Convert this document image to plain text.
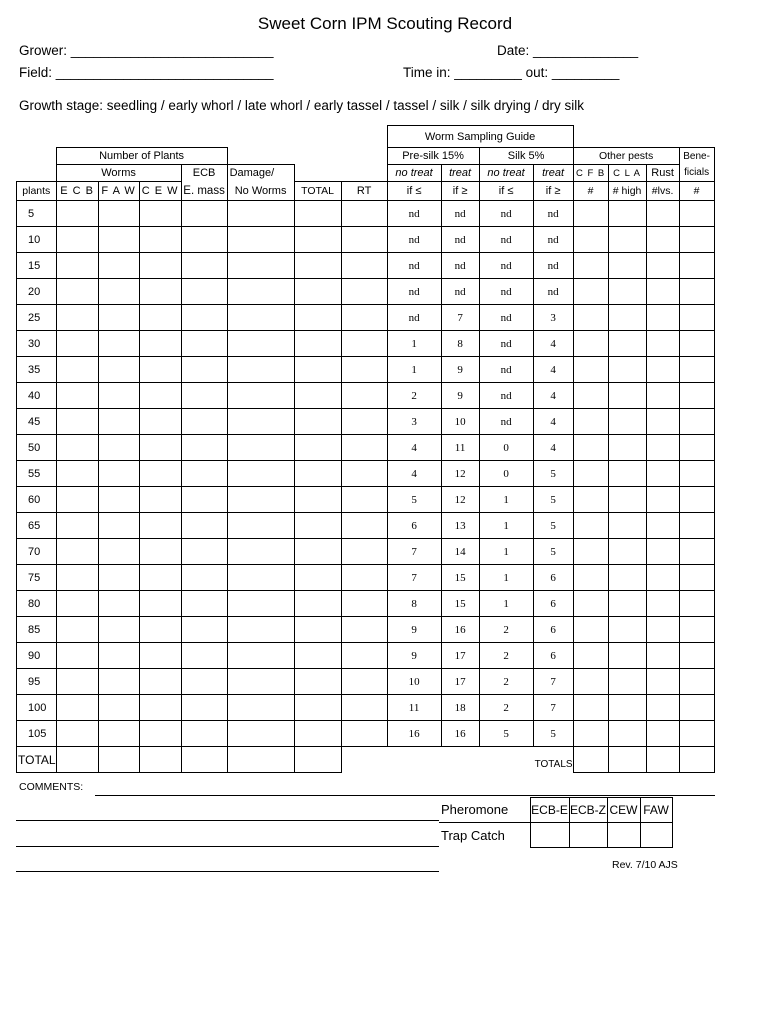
Sweet Corn IPM Scouting Record
Grower: ___________________________	Date: ______________
Field: _____________________________	Time in: _________ out: _________
Growth stage: seedling / early whorl / late whorl / early tassel / tassel / silk / silk drying / dry silk
								Worm Sampling Guide							
	Number of Plants							Pre-silk 15%		Silk 5%		Other pests			Bene-
	Worms			ECB	Damage/			no treat	treat	no treat	treat	C F B	C L A	Rust	ficials
plants	E C B	F A W	C E W	E. mass	No Worms	TOTAL	RT	if ≤	if ≥	if ≤	if ≥	#	# high	#lvs.	#
5								nd	nd	nd	nd				
10								nd	nd	nd	nd				
15								nd	nd	nd	nd				
20								nd	nd	nd	nd				
25								nd	7	nd	3				
30								1	8	nd	4				
35								1	9	nd	4				
40								2	9	nd	4				
45								3	10	nd	4				
50								4	11	0	4				
55								4	12	0	5				
60								5	12	1	5				
65								6	13	1	5				
70								7	14	1	5				
75								7	15	1	6				
80								8	15	1	6				
85								9	16	2	6				
90								9	17	2	6				
95								10	17	2	7				
100								11	18	2	7				
105								16	16	5	5				
TOTAL							TOTALS								
COMMENTS:
Pheromone	ECB-E	ECB-Z	CEW	FAW
Trap Catch				
Rev. 7/10 AJS
